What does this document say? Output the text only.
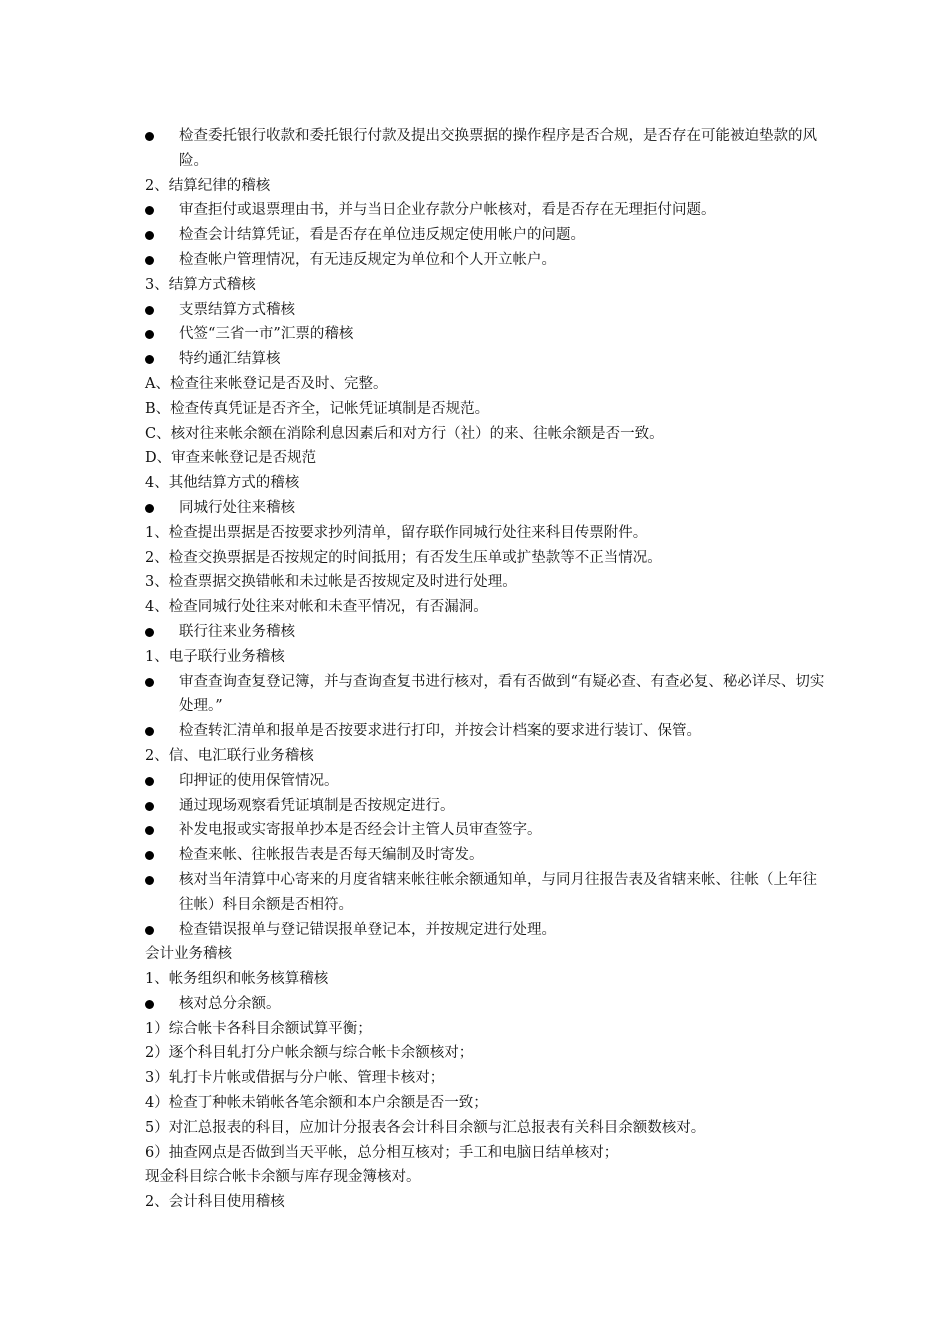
检查委托银行收款和委托银行付款及提出交换票据的操作程序是否合规，是否存在可能被迫垫款的风险。
2、结算纪律的稽核
审查拒付或退票理由书，并与当日企业存款分户帐核对，看是否存在无理拒付问题。
检查会计结算凭证，看是否存在单位违反规定使用帐户的问题。
检查帐户管理情况，有无违反规定为单位和个人开立帐户。
3、结算方式稽核
支票结算方式稽核
代签“三省一市”汇票的稽核
特约通汇结算核
A、检查往来帐登记是否及时、完整。
B、检查传真凭证是否齐全，记帐凭证填制是否规范。
C、核对往来帐余额在消除利息因素后和对方行（社）的来、往帐余额是否一致。
D、审查来帐登记是否规范
4、其他结算方式的稽核
同城行处往来稽核
1、检查提出票据是否按要求抄列清单，留存联作同城行处往来科目传票附件。
2、检查交换票据是否按规定的时间抵用；有否发生压单或扩垫款等不正当情况。
3、检查票据交换错帐和未过帐是否按规定及时进行处理。
4、检查同城行处往来对帐和未查平情况，有否漏洞。
联行往来业务稽核
1、电子联行业务稽核
审查查询查复登记簿，并与查询查复书进行核对，看有否做到“有疑必查、有查必复、秘必详尽、切实处理。”
检查转汇清单和报单是否按要求进行打印，并按会计档案的要求进行装订、保管。
2、信、电汇联行业务稽核
印押证的使用保管情况。
通过现场观察看凭证填制是否按规定进行。
补发电报或实寄报单抄本是否经会计主管人员审查签字。
检查来帐、往帐报告表是否每天编制及时寄发。
核对当年清算中心寄来的月度省辖来帐往帐余额通知单，与同月往报告表及省辖来帐、往帐（上年往往帐）科目余额是否相符。
检查错误报单与登记错误报单登记本，并按规定进行处理。
会计业务稽核
1、帐务组织和帐务核算稽核
核对总分余额。
1）综合帐卡各科目余额试算平衡；
2）逐个科目轧打分户帐余额与综合帐卡余额核对；
3）轧打卡片帐或借据与分户帐、管理卡核对；
4）检查丁种帐未销帐各笔余额和本户余额是否一致；
5）对汇总报表的科目，应加计分报表各会计科目余额与汇总报表有关科目余额数核对。
6）抽查网点是否做到当天平帐，总分相互核对；手工和电脑日结单核对；
现金科目综合帐卡余额与库存现金簿核对。
2、会计科目使用稽核
